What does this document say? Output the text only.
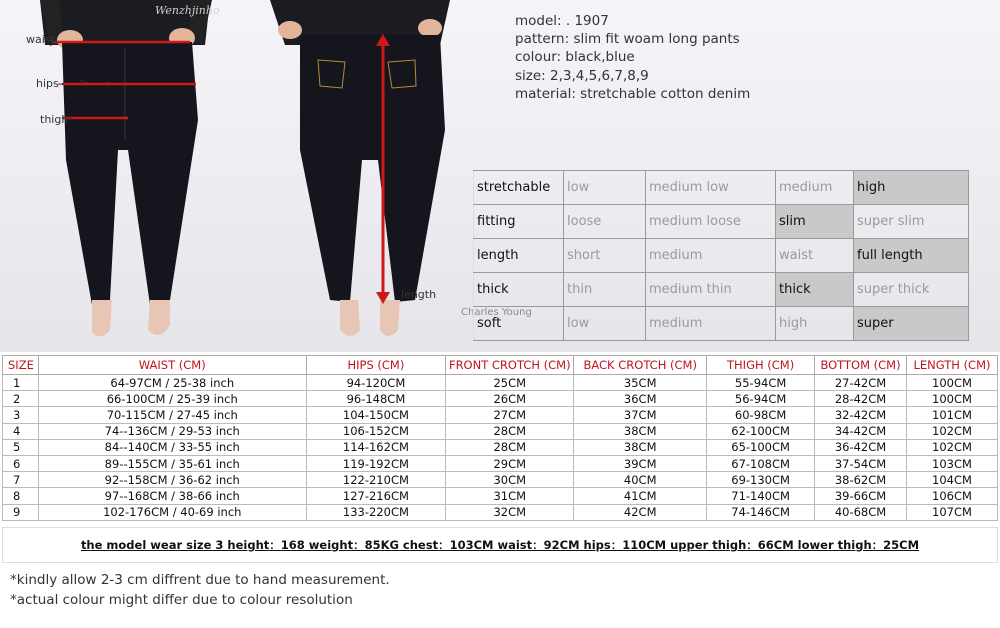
waist
hips
thigh
length
Wenzhjinho
Charles Young
model: . 1907
pattern: slim fit woam long pants
colour: black,blue
size: 2,3,4,5,6,7,8,9
material: stretchable cotton denim
stretchable	low	medium low	medium	high
fitting	loose	medium loose	slim	super slim
length	short	medium	waist	full length
thick	thin	medium thin	thick	super thick
soft	low	medium	high	super
SIZE	WAIST (CM)	HIPS (CM)	FRONT CROTCH (CM)	BACK CROTCH (CM)	THIGH (CM)	BOTTOM (CM)	LENGTH (CM)
1	64-97CM / 25-38 inch	94-120CM	25CM	35CM	55-94CM	27-42CM	100CM
2	66-100CM / 25-39 inch	96-148CM	26CM	36CM	56-94CM	28-42CM	100CM
3	70-115CM / 27-45 inch	104-150CM	27CM	37CM	60-98CM	32-42CM	101CM
4	74--136CM / 29-53 inch	106-152CM	28CM	38CM	62-100CM	34-42CM	102CM
5	84--140CM / 33-55 inch	114-162CM	28CM	38CM	65-100CM	36-42CM	102CM
6	89--155CM / 35-61 inch	119-192CM	29CM	39CM	67-108CM	37-54CM	103CM
7	92--158CM / 36-62 inch	122-210CM	30CM	40CM	69-130CM	38-62CM	104CM
8	97--168CM / 38-66 inch	127-216CM	31CM	41CM	71-140CM	39-66CM	106CM
9	102-176CM / 40-69 inch	133-220CM	32CM	42CM	74-146CM	40-68CM	107CM
the model wear size 3 height：168 weight：85KG chest：103CM waist：92CM hips：110CM upper thigh：66CM lower thigh：25CM
*kindly allow 2-3 cm diffrent due to hand measurement.
*actual colour might differ due to colour resolution
